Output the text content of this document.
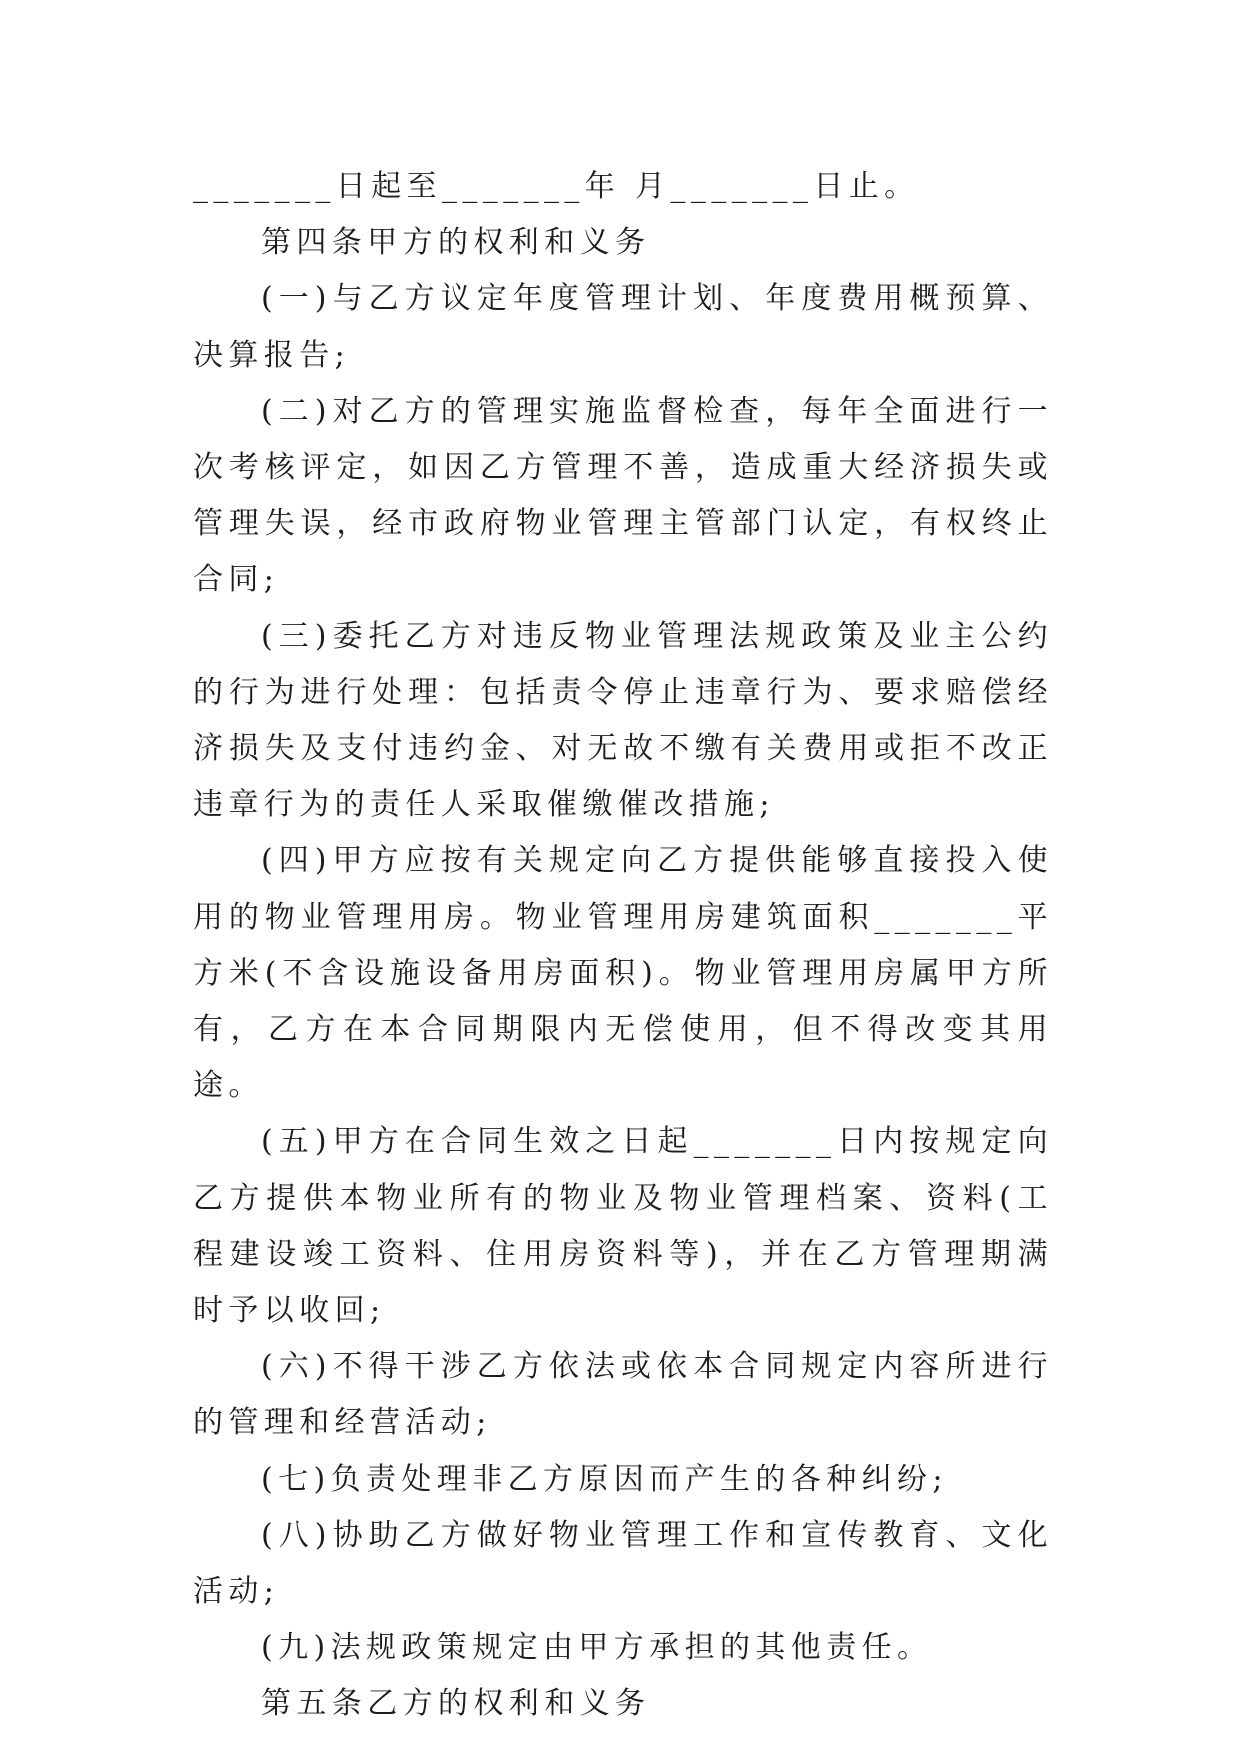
_______日起至_______年 月_______日止。

第四条甲方的权利和义务

(一)与乙方议定年度管理计划、年度费用概预算、决算报告;

(二)对乙方的管理实施监督检查，每年全面进行一次考核评定，如因乙方管理不善，造成重大经济损失或管理失误，经市政府物业管理主管部门认定，有权终止合同;

(三)委托乙方对违反物业管理法规政策及业主公约的行为进行处理：包括责令停止违章行为、要求赔偿经济损失及支付违约金、对无故不缴有关费用或拒不改正违章行为的责任人采取催缴催改措施;

(四)甲方应按有关规定向乙方提供能够直接投入使用的物业管理用房。物业管理用房建筑面积_______平方米(不含设施设备用房面积)。物业管理用房属甲方所有，乙方在本合同期限内无偿使用，但不得改变其用途。

(五)甲方在合同生效之日起_______日内按规定向乙方提供本物业所有的物业及物业管理档案、资料(工程建设竣工资料、住用房资料等)，并在乙方管理期满时予以收回;

(六)不得干涉乙方依法或依本合同规定内容所进行的管理和经营活动;

(七)负责处理非乙方原因而产生的各种纠纷;

(八)协助乙方做好物业管理工作和宣传教育、文化活动;

(九)法规政策规定由甲方承担的其他责任。

第五条乙方的权利和义务
